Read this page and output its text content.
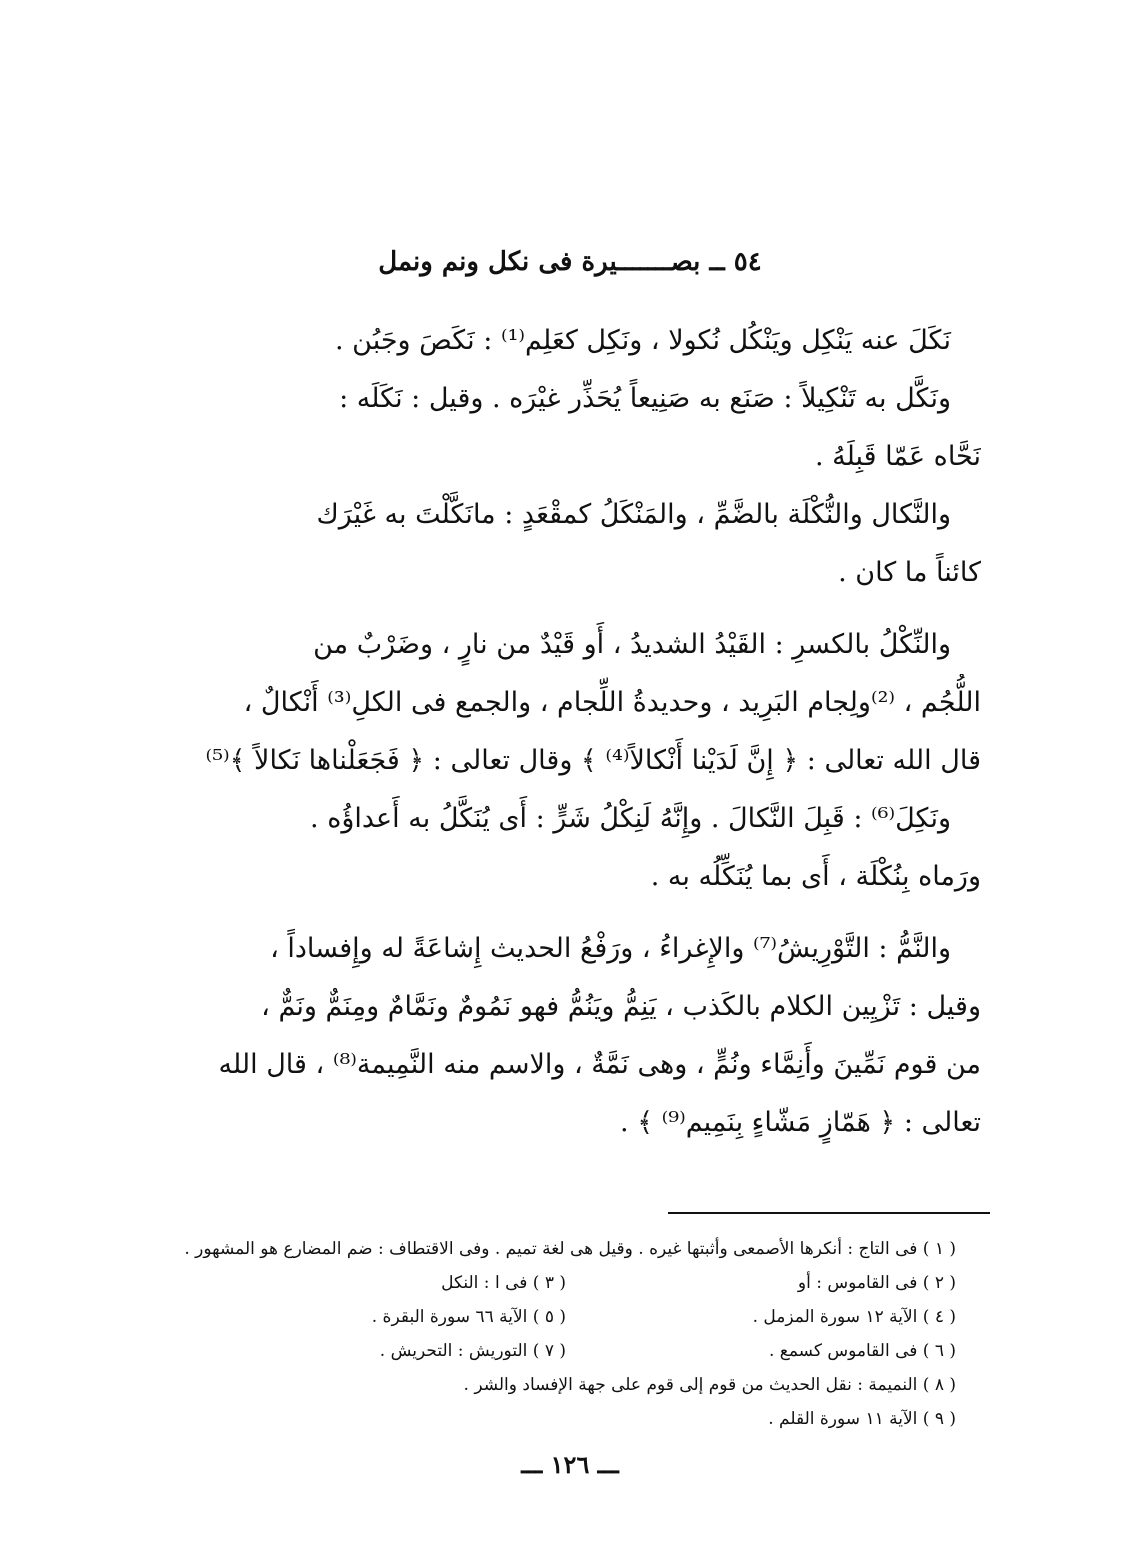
٥٤ ــ بصـــــــيرة فى نكل ونم ونمل

نَكَلَ عنه يَنْكِل ويَنْكُل نُكولا ، ونَكِل كعَلِم⁽¹⁾ : نَكَصَ وجَبُن .

ونَكَّل به تَنْكِيلاً : صَنَع به صَنِيعاً يُحَذِّر غيْرَه . وقيل : نَكَلَه :

نَحَّاه عَمّا قَبِلَهُ .

والنَّكال والنُّكْلَة بالضَّمِّ ، والمَنْكَلُ كمقْعَدٍ : مانَكَّلْتَ به غَيْرَك

كائناً ما كان .

والنِّكْلُ بالكسرِ : القَيْدُ الشديدُ ، أَو قَيْدٌ من نارٍ ، وضَرْبٌ من

اللُّجُم ، ⁽²⁾ولِجام البَرِيد ، وحديدةُ اللِّجام ، والجمع فى الكلِ⁽³⁾ أَنْكالٌ ،

قال الله تعالى : ﴿ إِنَّ لَدَيْنا أَنْكالاً⁽⁴⁾ ﴾ وقال تعالى : ﴿ فَجَعَلْناها نَكالاً ﴾⁽⁵⁾

ونَكِلَ⁽⁶⁾ : قَبِلَ النَّكالَ . وإِنَّهُ لَنِكْلُ شَرٍّ : أَى يُنَكَّلُ به أَعداؤُه .

ورَماه بِنُكْلَة ، أَى بما يُنَكِّلُه به .

والنَّمُّ : التَّوْرِيشُ⁽⁷⁾ والإِغراءُ ، ورَفْعُ الحديث إِشاعَةً له وإِفساداً ،

وقيل : تَزْيِين الكلام بالكَذب ، يَنِمُّ ويَنُمُّ فهو نَمُومٌ ونَمَّامٌ ومِنَمٌّ ونَمٌّ ،

من قوم نَمِّينَ وأَنِمَّاء ونُمٍّ ، وهى نَمَّةٌ ، والاسم منه النَّمِيمة⁽⁸⁾ ، قال الله

تعالى : ﴿ هَمّازٍ مَشّاءٍ بِنَمِيم⁽⁹⁾ ﴾ .

( ١ ) فى التاج : أنكرها الأصمعى وأثبتها غيره . وقيل هى لغة تميم . وفى الاقتطاف : ضم المضارع هو المشهور .
( ٢ ) فى القاموس : أو
( ٣ ) فى ا : النكل
( ٤ ) الآية ١٢ سورة المزمل .
( ٥ ) الآية ٦٦ سورة البقرة .
( ٦ ) فى القاموس كسمع .
( ٧ ) التوريش : التحريش .
( ٨ ) النميمة : نقل الحديث من قوم إلى قوم على جهة الإفساد والشر .
( ٩ ) الآية ١١ سورة القلم .
ـــ ١٢٦ ـــ
